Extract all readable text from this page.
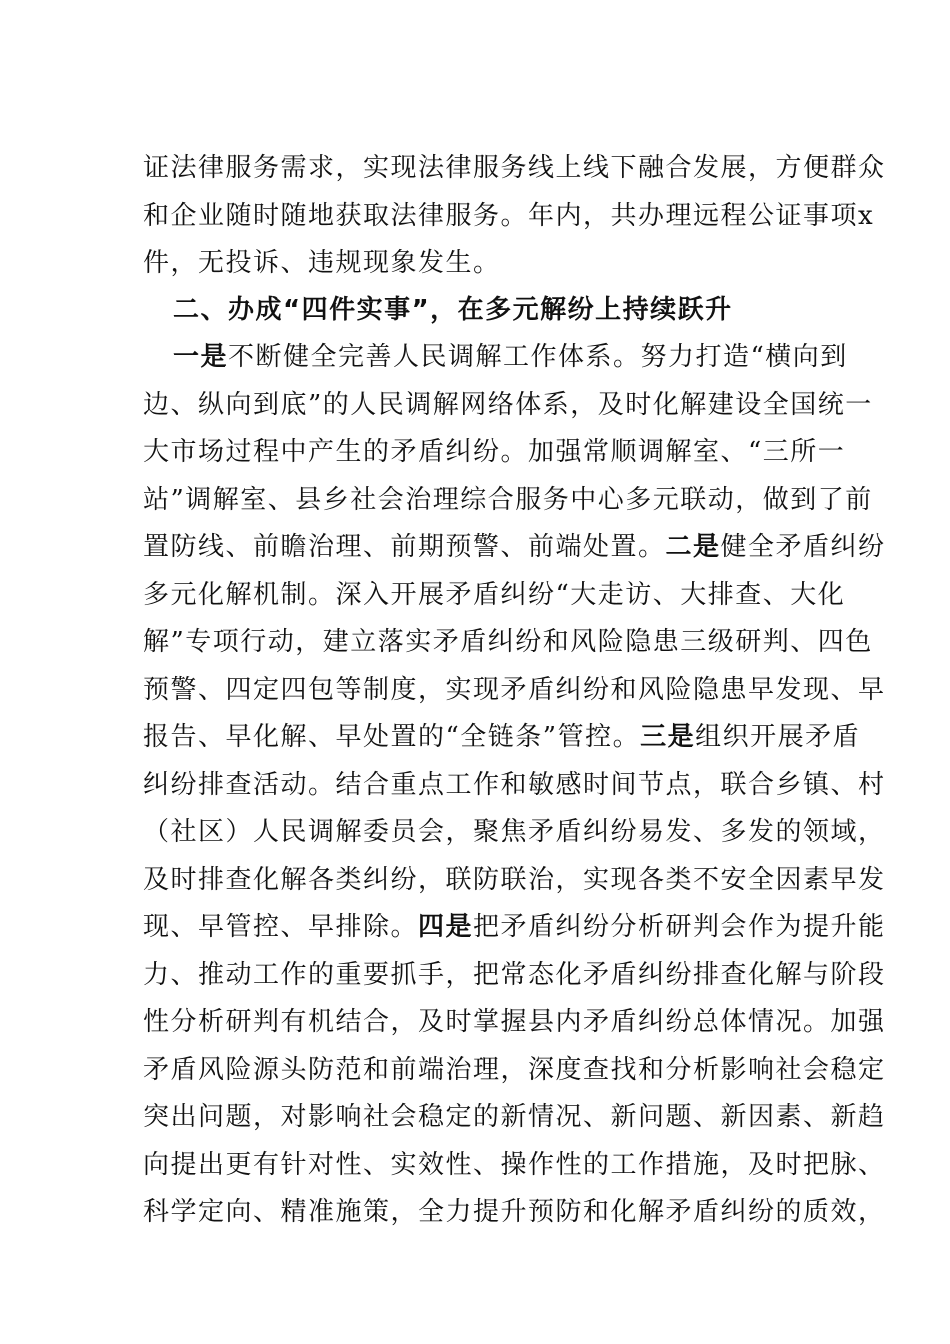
证法律服务需求，实现法律服务线上线下融合发展，方便群众
和企业随时随地获取法律服务。年内，共办理远程公证事项x
件，无投诉、违规现象发生。
二、办成“四件实事”，在多元解纷上持续跃升
一是不断健全完善人民调解工作体系。努力打造“横向到
边、纵向到底”的人民调解网络体系，及时化解建设全国统一
大市场过程中产生的矛盾纠纷。加强常顺调解室、“三所一
站”调解室、县乡社会治理综合服务中心多元联动，做到了前
置防线、前瞻治理、前期预警、前端处置。二是健全矛盾纠纷
多元化解机制。深入开展矛盾纠纷“大走访、大排查、大化
解”专项行动，建立落实矛盾纠纷和风险隐患三级研判、四色
预警、四定四包等制度，实现矛盾纠纷和风险隐患早发现、早
报告、早化解、早处置的“全链条”管控。三是组织开展矛盾
纠纷排查活动。结合重点工作和敏感时间节点，联合乡镇、村
（社区）人民调解委员会，聚焦矛盾纠纷易发、多发的领域，
及时排查化解各类纠纷，联防联治，实现各类不安全因素早发
现、早管控、早排除。四是把矛盾纠纷分析研判会作为提升能
力、推动工作的重要抓手，把常态化矛盾纠纷排查化解与阶段
性分析研判有机结合，及时掌握县内矛盾纠纷总体情况。加强
矛盾风险源头防范和前端治理，深度查找和分析影响社会稳定
突出问题，对影响社会稳定的新情况、新问题、新因素、新趋
向提出更有针对性、实效性、操作性的工作措施，及时把脉、
科学定向、精准施策，全力提升预防和化解矛盾纠纷的质效，
